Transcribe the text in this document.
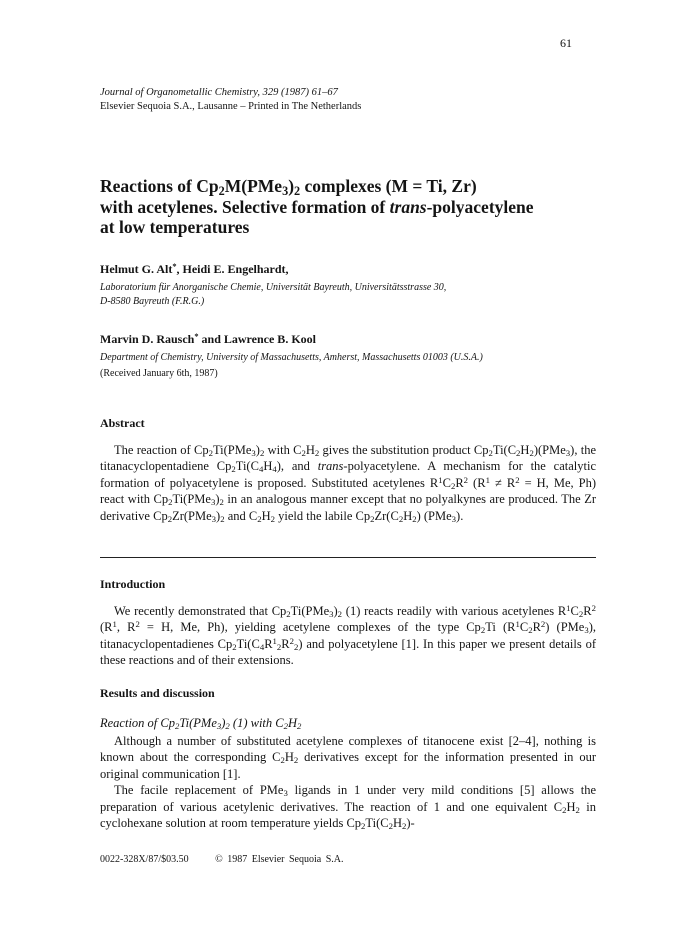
61
Journal of Organometallic Chemistry, 329 (1987) 61–67
Elsevier Sequoia S.A., Lausanne – Printed in The Netherlands
Reactions of $Cp_2M(PMe_3)_2$ complexes (M = Ti, Zr)
with acetylenes. Selective formation of trans-polyacetylene
at low temperatures
Helmut G. Alt*, Heidi E. Engelhardt,
Laboratorium für Anorganische Chemie, Universität Bayreuth, Universitätsstrasse 30,
D-8580 Bayreuth (F.R.G.)
Marvin D. Rausch* and Lawrence B. Kool
Department of Chemistry, University of Massachusetts, Amherst, Massachusetts 01003 (U.S.A.)
(Received January 6th, 1987)
Abstract

The reaction of $Cp_2Ti(PMe_3)_2$ with $C_2H_2$ gives the substitution product $Cp_2Ti(C_2H_2)(PMe_3)$, the titanacyclopentadiene $Cp_2Ti(C_4H_4)$, and trans-polyacetylene. A mechanism for the catalytic formation of polyacetylene is proposed. Substituted acetylenes $R^1C_2R^2$ ($R^1 \ne R^2 = H$, Me, Ph) react with $Cp_2Ti(PMe_3)_2$ in an analogous manner except that no polyalkynes are produced. The Zr derivative $Cp_2Zr(PMe_3)_2$ and $C_2H_2$ yield the labile $Cp_2Zr(C_2H_2)$ (PMe$_3$).

Introduction

We recently demonstrated that $Cp_2Ti(PMe_3)_2$ (1) reacts readily with various acetylenes $R^1C_2R^2$ ($R^1$, $R^2 = H$, Me, Ph), yielding acetylene complexes of the type $Cp_2Ti$ $(R^1C_2R^2)$ (PMe$_3$), titanacyclopentadienes $Cp_2Ti(C_4R^1_2R^2_2)$ and polyacetylene [1]. In this paper we present details of these reactions and of their extensions.

Results and discussion
Reaction of $Cp_2Ti(PMe_3)_2$ (1) with $C_2H_2$

Although a number of substituted acetylene complexes of titanocene exist [2–4], nothing is known about the corresponding $C_2H_2$ derivatives except for the information presented in our original communication [1].

The facile replacement of PMe$_3$ ligands in 1 under very mild conditions [5] allows the preparation of various acetylenic derivatives. The reaction of 1 and one equivalent $C_2H_2$ in cyclohexane solution at room temperature yields $Cp_2Ti(C_2H_2)-$

0022-328X/87/$03.50	© 1987 Elsevier Sequoia S.A.
